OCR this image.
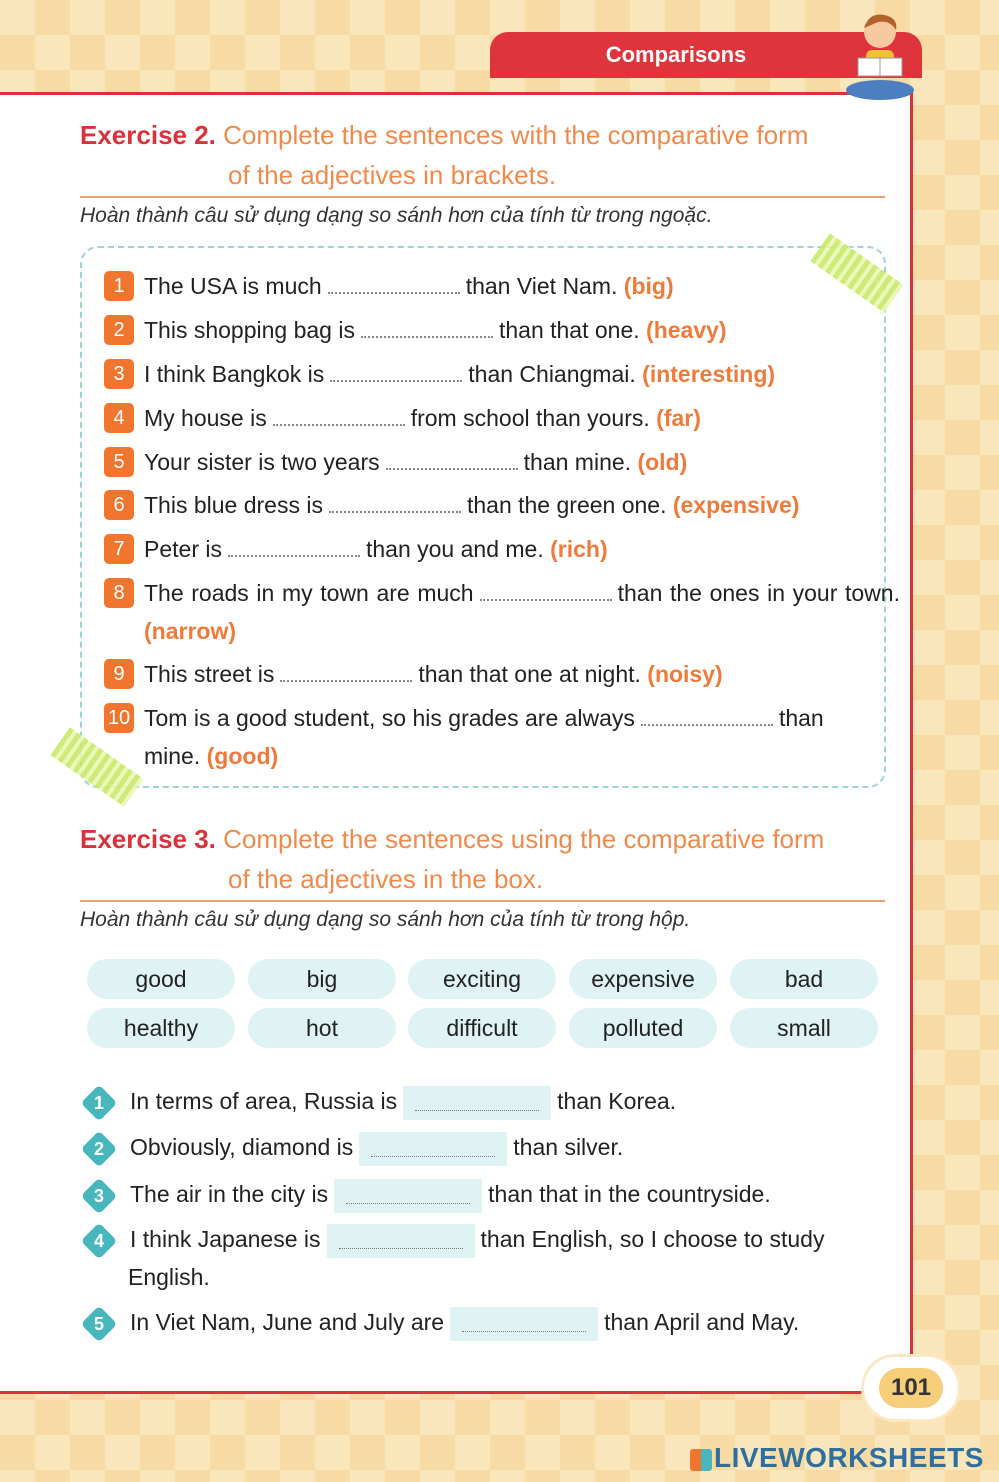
Comparisons
Exercise 2. Complete the sentences with the comparative form
of the adjectives in brackets.
Hoàn thành câu sử dụng dạng so sánh hơn của tính từ trong ngoặc.
1 The USA is much	than Viet Nam. (big)
2 This shopping bag is	than that one. (heavy)
3 I think Bangkok is	than Chiangmai. (interesting)
4 My house is	from school than yours. (far)
5 Your sister is two years	than mine. (old)
6 This blue dress is	than the green one. (expensive)
7 Peter is	than you and me. (rich)
8 The roads in my town are much	than the ones in your town. (narrow)
9 This street is	than that one at night. (noisy)
10 Tom is a good student, so his grades are always	than mine. (good)
Exercise 3. Complete the sentences using the comparative form
of the adjectives in the box.
Hoàn thành câu sử dụng dạng so sánh hơn của tính từ trong hộp.
good	big	exciting	expensive	bad
healthy	hot	difficult	polluted	small
1	In terms of area, Russia is	than Korea.
2	Obviously, diamond is	than silver.
3	The air in the city is	than that in the countryside.
4	I think Japanese is	than English, so I choose to study English.
5	In Viet Nam, June and July are	than April and May.
101
LIVEWORKSHEETS
